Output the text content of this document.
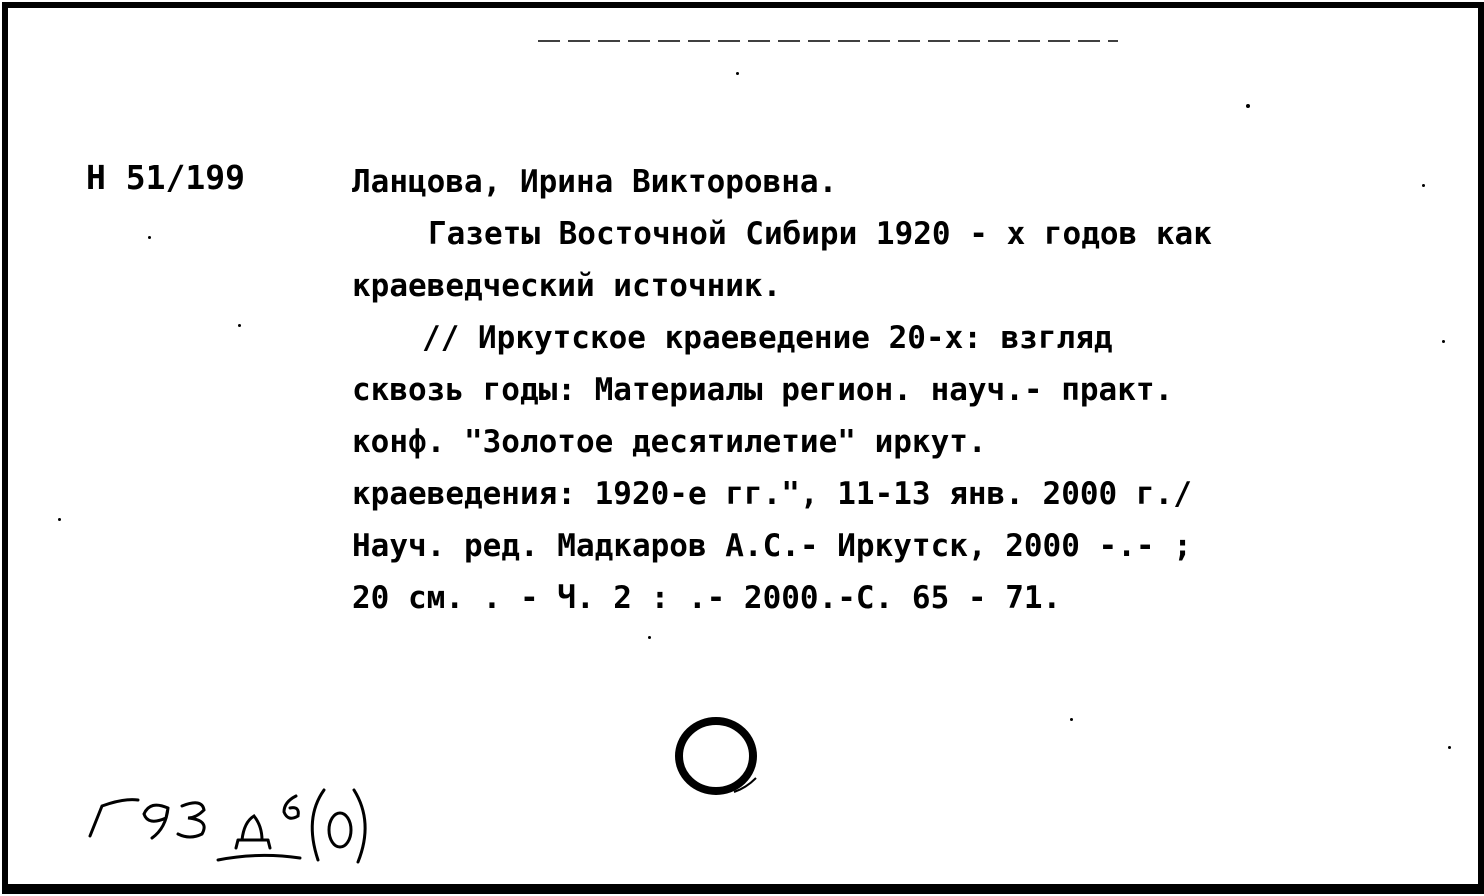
Н 51/199	Ланцова, Ирина Викторовна.
Газеты Восточной Сибири 1920 - х годов как
краеведческий источник.
// Иркутское краеведение 20-х: взгляд
сквозь годы: Материалы регион. науч.- практ.
конф. "Золотое десятилетие" иркут.
краеведения: 1920-е гг.", 11-13 янв. 2000 г./
Науч. ред. Мадкаров А.С.- Иркутск, 2000 -.- ;
20 см. . - Ч. 2 : .- 2000.-С. 65 - 71.
